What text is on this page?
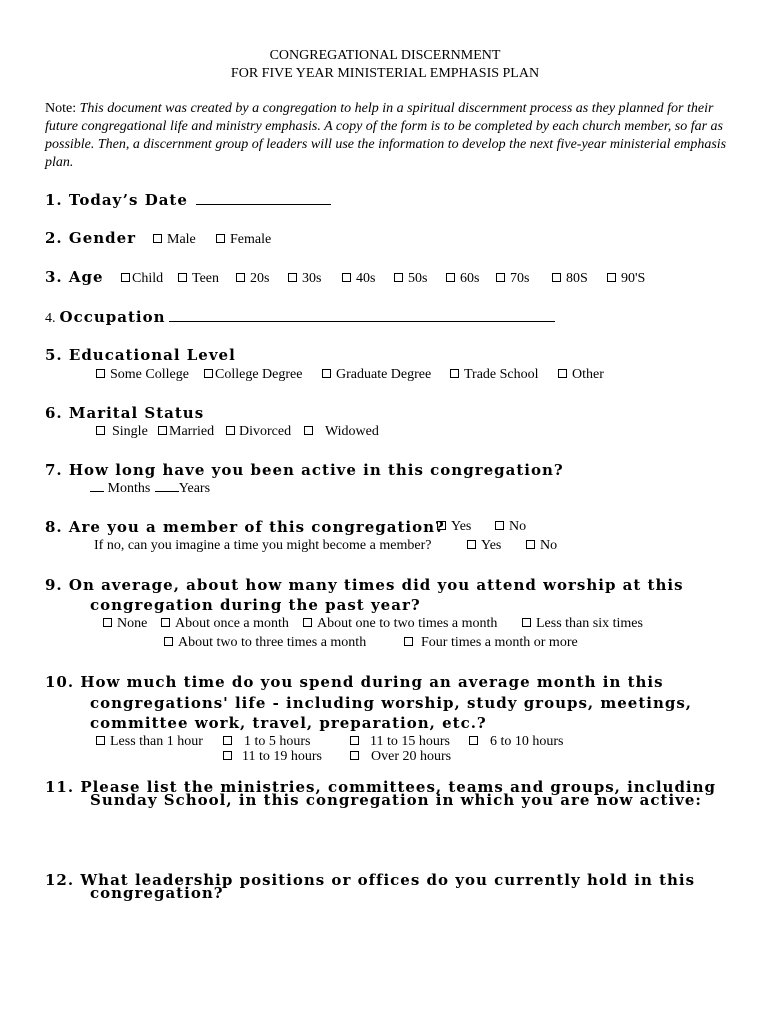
CONGREGATIONAL DISCERNMENT
FOR FIVE YEAR MINISTERIAL EMPHASIS PLAN
Note: This document was created by a congregation to help in a spiritual discernment process as they planned for their future congregational life and ministry emphasis. A copy of the form is to be completed by each church member, so far as possible. Then, a discernment group of leaders will use the information to develop the next five-year ministerial emphasis plan.
1. Today’s Date
2. Gender	Male	Female
3. Age	Child	Teen	20s	30s	40s	50s	60s	70s	80S	90'S
4. Occupation
5. Educational Level
Some College	College Degree	Graduate Degree	Trade School	Other
6. Marital Status
Single	Married	Divorced	Widowed
7. How long have you been active in this congregation?
Months Years
8. Are you a member of this congregation? Yes	No
If no, can you imagine a time you might become a member?	Yes	No
9. On average, about how many times did you attend worship at this
congregation during the past year?
None	About once a month	About one to two times a month	Less than six times
About two to three times a month	Four times a month or more
10. How much time do you spend during an average month in this
congregations' life - including worship, study groups, meetings,
committee work, travel, preparation, etc.?
Less than 1 hour	1 to 5 hours	11 to 15 hours	6 to 10 hours
11 to 19 hours	Over 20 hours
11. Please list the ministries, committees, teams and groups, including
Sunday School, in this congregation in which you are now active:
12. What leadership positions or offices do you currently hold in this
congregation?
